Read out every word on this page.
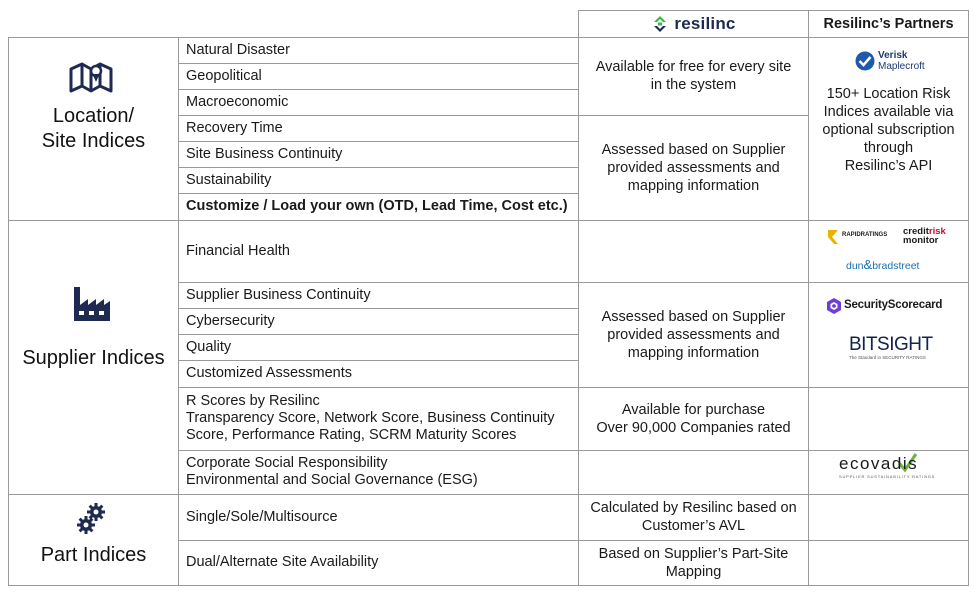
resilinc	Resilinc’s Partners
Location/
Site Indices
Supplier Indices
Part Indices
Natural Disaster
Geopolitical
Macroeconomic
Recovery Time
Site Business Continuity
Sustainability
Customize / Load your own (OTD, Lead Time, Cost etc.)
Financial Health
Supplier Business Continuity
Cybersecurity
Quality
Customized Assessments
R Scores by Resilinc
Transparency Score, Network Score, Business Continuity Score, Performance Rating, SCRM Maturity Scores
Corporate Social Responsibility
Environmental and Social Governance (ESG)
Single/Sole/Multisource
Dual/Alternate Site Availability
Available for free for every site in the system
Assessed based on Supplier provided assessments and mapping information
Assessed based on Supplier provided assessments and mapping information
Available for purchase
Over 90,000 Companies rated
Calculated by Resilinc based on Customer’s AVL
Based on Supplier’s Part-Site Mapping
Verisk
Maplecroft
150+ Location Risk Indices available via optional subscription through
Resilinc’s API
RAPIDRATINGS creditrisk
monitor
dun&bradstreet
SecurityScorecard
BITSIGHT
The Standard in SECURITY RATINGS
ecovadis
SUPPLIER SUSTAINABILITY RATINGS
